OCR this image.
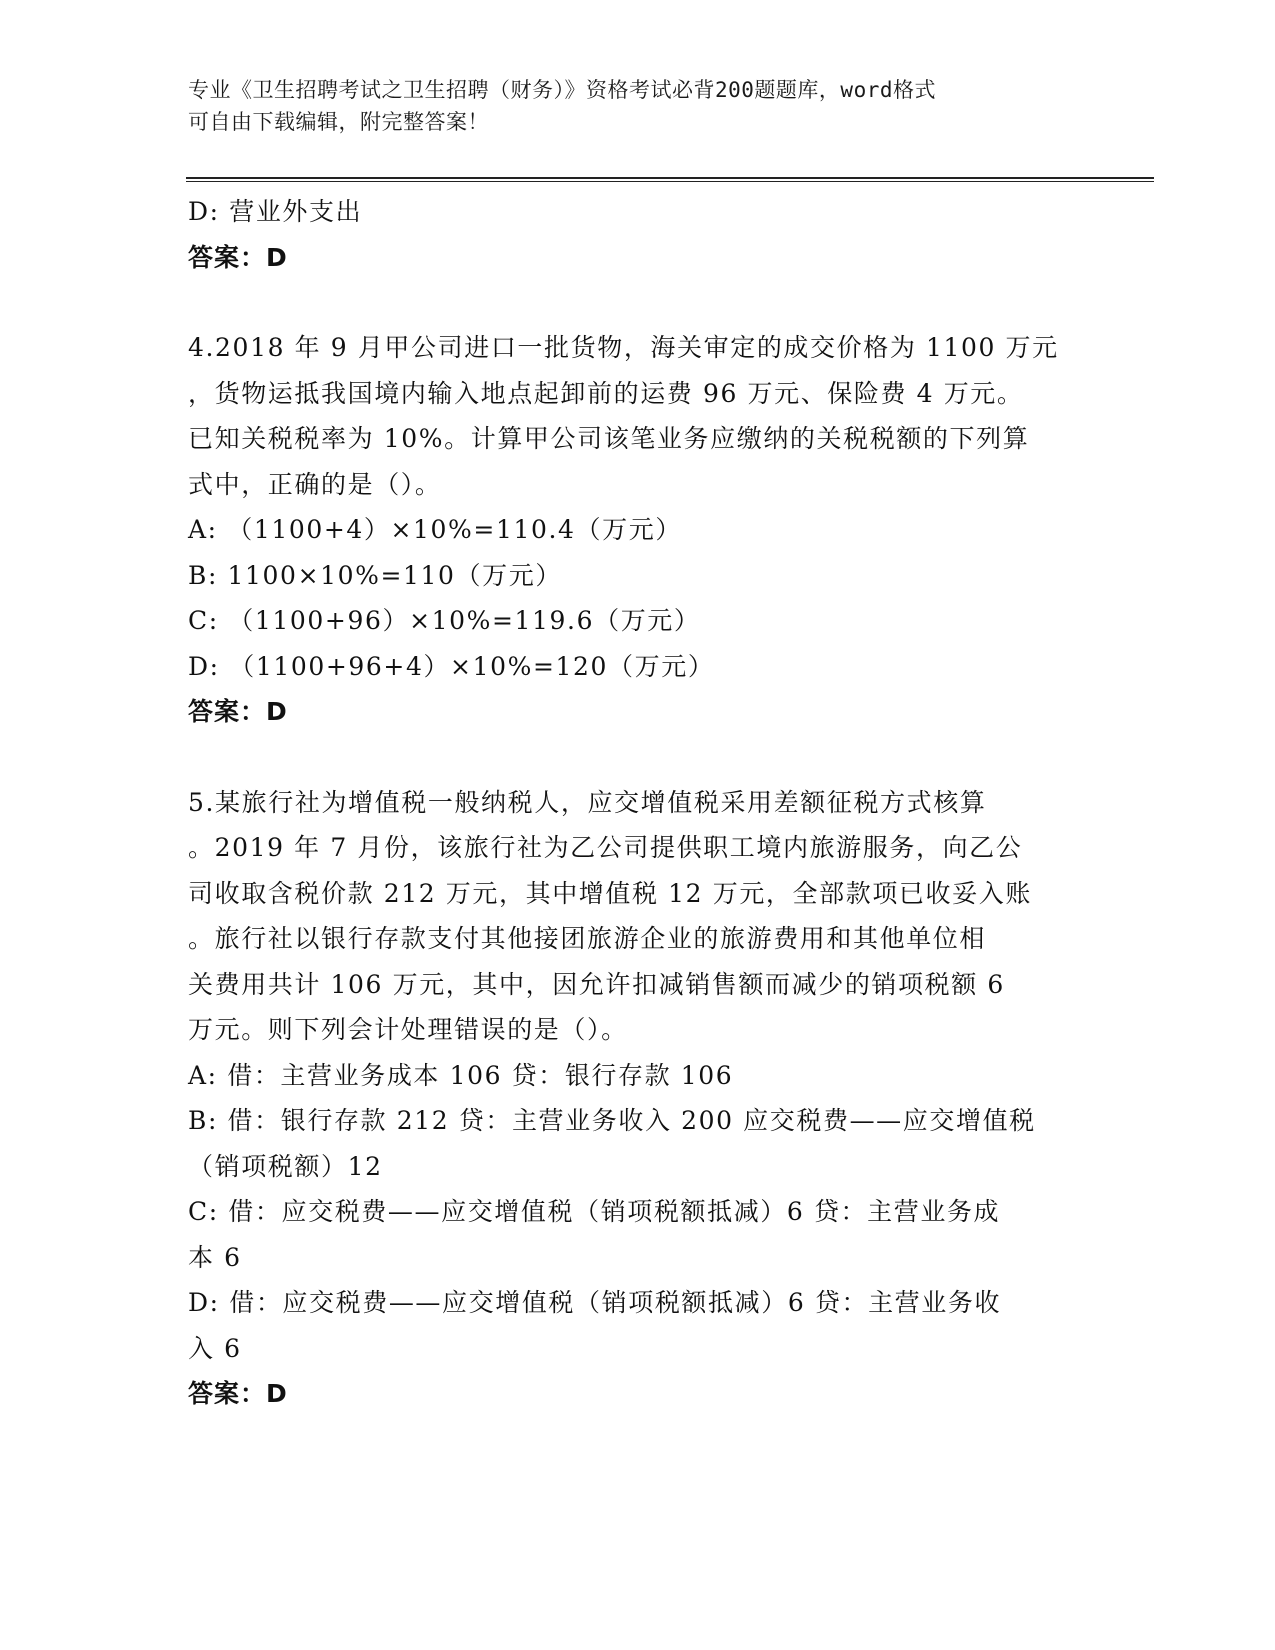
专业《卫生招聘考试之卫生招聘（财务）》资格考试必背200题题库，word格式
可自由下载编辑，附完整答案！
D: 营业外支出
答案：D
4.2018 年 9 月甲公司进口一批货物，海关审定的成交价格为 1100 万元
，货物运抵我国境内输入地点起卸前的运费 96 万元、保险费 4 万元。
已知关税税率为 10%。计算甲公司该笔业务应缴纳的关税税额的下列算
式中，正确的是（）。
A: （1100+4）×10%=110.4（万元）
B: 1100×10%=110（万元）
C: （1100+96）×10%=119.6（万元）
D: （1100+96+4）×10%=120（万元）
答案：D
5.某旅行社为增值税一般纳税人，应交增值税采用差额征税方式核算
。2019 年 7 月份，该旅行社为乙公司提供职工境内旅游服务，向乙公
司收取含税价款 212 万元，其中增值税 12 万元，全部款项已收妥入账
。旅行社以银行存款支付其他接团旅游企业的旅游费用和其他单位相
关费用共计 106 万元，其中，因允许扣减销售额而减少的销项税额 6
万元。则下列会计处理错误的是（）。
A: 借：主营业务成本 106 贷：银行存款 106
B: 借：银行存款 212 贷：主营业务收入 200 应交税费——应交增值税
（销项税额）12
C: 借：应交税费——应交增值税（销项税额抵减）6 贷：主营业务成
本 6
D: 借：应交税费——应交增值税（销项税额抵减）6 贷：主营业务收
入 6
答案：D
